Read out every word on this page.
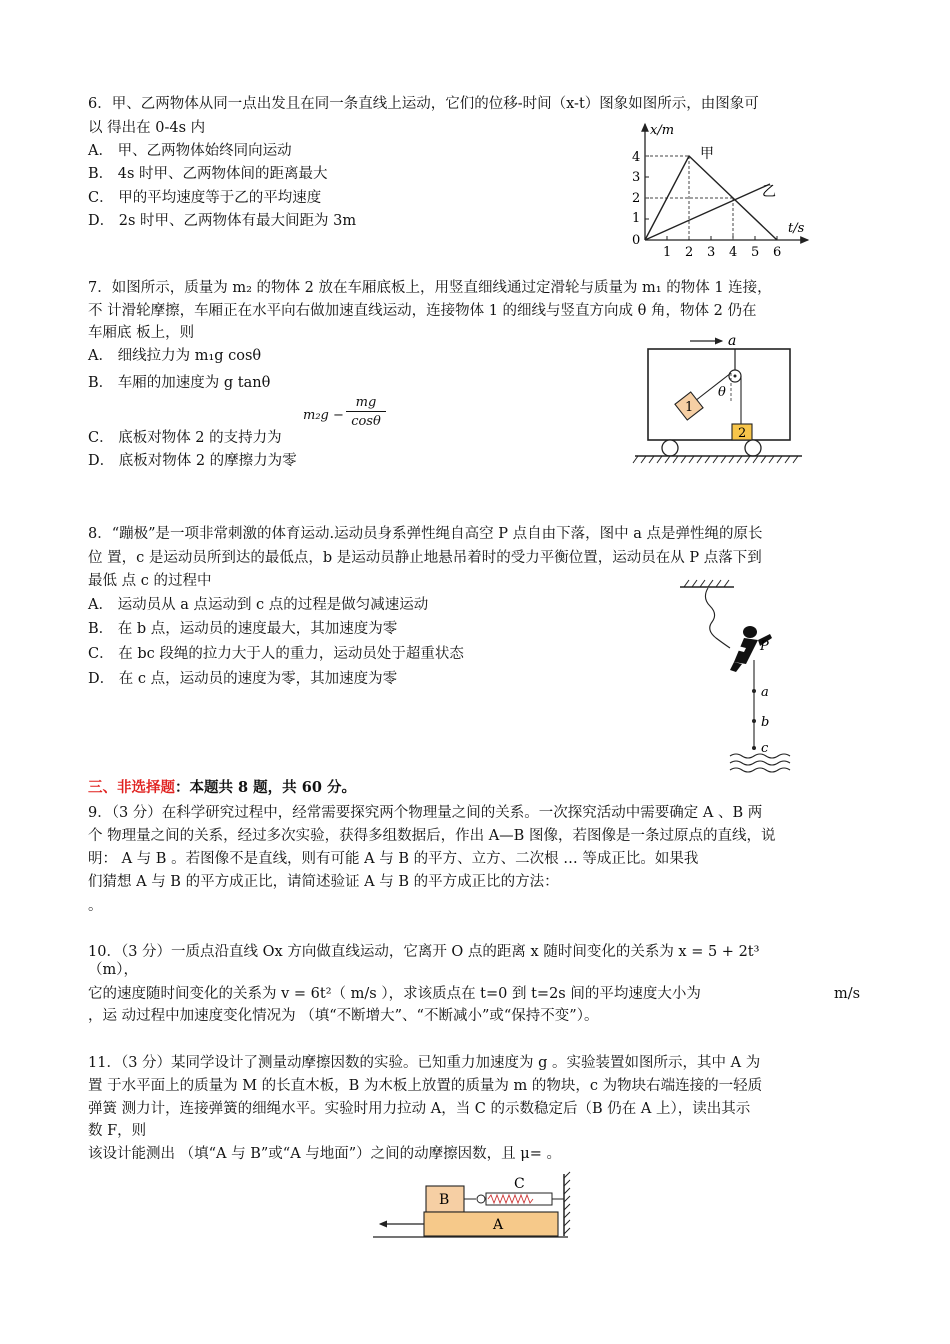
6．甲、乙两物体从同一点出发且在同一条直线上运动，它们的位移-时间（x-t）图象如图所示，由图象可
以 得出在 0-4s 内
A． 甲、乙两物体始终同向运动
B． 4s 时甲、乙两物体间的距离最大
C． 甲的平均速度等于乙的平均速度
D． 2s 时甲、乙两物体有最大间距为 3m
x/m
t/s
4
3
2
1
0
1 2 3 4 5 6
甲
乙
7．如图所示，质量为 m₂ 的物体 2 放在车厢底板上，用竖直细线通过定滑轮与质量为 m₁ 的物体 1 连接，
不 计滑轮摩擦，车厢正在水平向右做加速直线运动，连接物体 1 的细线与竖直方向成 θ 角，物体 2 仍在
车厢底 板上，则
A． 细线拉力为 m₁g cosθ
B． 车厢的加速度为 g tanθ
m₂g −
mg
cosθ
C． 底板对物体 2 的支持力为
D． 底板对物体 2 的摩擦力为零
a
θ
1
2
8．“蹦极”是一项非常刺激的体育运动.运动员身系弹性绳自高空 P 点自由下落，图中 a 点是弹性绳的原长
位 置，c 是运动员所到达的最低点，b 是运动员静止地悬吊着时的受力平衡位置，运动员在从 P 点落下到
最低 点 c 的过程中
A． 运动员从 a 点运动到 c 点的过程是做匀减速运动
B． 在 b 点，运动员的速度最大，其加速度为零
C． 在 bc 段绳的拉力大于人的重力，运动员处于超重状态
D． 在 c 点，运动员的速度为零，其加速度为零
P
a
b
c
三、非选择题：本题共 8 题，共 60 分。
9．（3 分）在科学研究过程中，经常需要探究两个物理量之间的关系。一次探究活动中需要确定 A 、B 两
个 物理量之间的关系，经过多次实验，获得多组数据后，作出 A—B 图像，若图像是一条过原点的直线，说
明： A 与 B 。若图像不是直线，则有可能 A 与 B 的平方、立方、二次根 … 等成正比。如果我
们猜想 A 与 B 的平方成正比，请简述验证 A 与 B 的平方成正比的方法：
。
10．（3 分）一质点沿直线 Ox 方向做直线运动，它离开 O 点的距离 x 随时间变化的关系为 x = 5 + 2t³
（m），
它的速度随时间变化的关系为 v = 6t²（ m/s ），求该质点在 t=0 到 t=2s 间的平均速度大小为	m/s
，运 动过程中加速度变化情况为 （填“不断增大”、“不断减小”或“保持不变”）。
11．（3 分）某同学设计了测量动摩擦因数的实验。已知重力加速度为 g 。实验装置如图所示，其中 A 为
置 于水平面上的质量为 M 的长直木板，B 为木板上放置的质量为 m 的物块，c 为物块右端连接的一轻质
弹簧 测力计，连接弹簧的细绳水平。实验时用力拉动 A，当 C 的示数稳定后（B 仍在 A 上），读出其示
数 F，则
该设计能测出 （填“A 与 B”或“A 与地面”）之间的动摩擦因数，且 μ= 。
B
A
C
